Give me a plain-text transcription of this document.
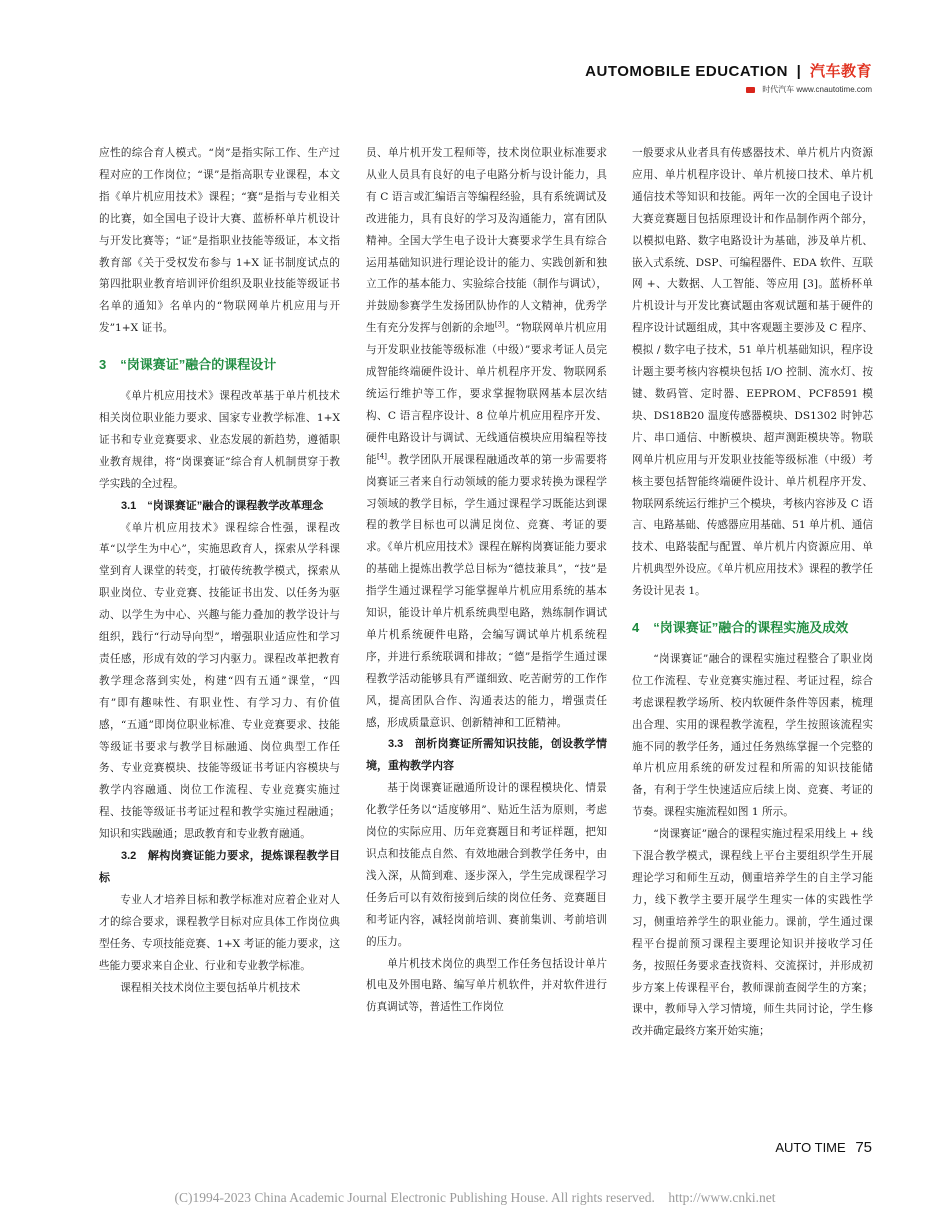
AUTOMOBILE EDUCATION | 汽车教育
时代汽车 www.cnautotime.com

应性的综合育人模式。“岗”是指实际工作、生产过程对应的工作岗位；“课”是指高职专业课程，本文指《单片机应用技术》课程；“赛”是指与专业相关的比赛，如全国电子设计大赛、蓝桥杯单片机设计与开发比赛等；“证”是指职业技能等级证，本文指教育部《关于受权发布参与 1+X 证书制度试点的第四批职业教育培训评价组织及职业技能等级证书名单的通知》名单内的“物联网单片机应用与开发”1+X 证书。

3 “岗课赛证”融合的课程设计

《单片机应用技术》课程改革基于单片机技术相关岗位职业能力要求、国家专业教学标准、1+X 证书和专业竞赛要求、业态发展的新趋势，遵循职业教育规律，将“岗课赛证”综合育人机制贯穿于教学实践的全过程。

3.1　“岗课赛证”融合的课程教学改革理念

《单片机应用技术》课程综合性强，课程改革“以学生为中心”，实施思政育人，探索从学科课堂到育人课堂的转变，打破传统教学模式，探索从职业岗位、专业竞赛、技能证书出发、以任务为驱动、以学生为中心、兴趣与能力叠加的教学设计与组织，践行“行动导向型”，增强职业适应性和学习责任感，形成有效的学习内驱力。课程改革把教育教学理念落到实处，构建“四有五通”课堂，“四有”即有趣味性、有职业性、有学习力、有价值感，“五通”即岗位职业标准、专业竞赛要求、技能等级证书要求与教学目标融通、岗位典型工作任务、专业竞赛模块、技能等级证书考证内容模块与教学内容融通、岗位工作流程、专业竞赛实施过程、技能等级证书考证过程和教学实施过程融通；知识和实践融通；思政教育和专业教育融通。

3.2　解构岗赛证能力要求，提炼课程教学目标

专业人才培养目标和教学标准对应着企业对人才的综合要求，课程教学目标对应具体工作岗位典型任务、专项技能竞赛、1+X 考证的能力要求，这些能力要求来自企业、行业和专业教学标准。

课程相关技术岗位主要包括单片机技术

员、单片机开发工程师等，技术岗位职业标准要求从业人员具有良好的电子电路分析与设计能力，具有 C 语言或汇编语言等编程经验，具有系统调试及改进能力，具有良好的学习及沟通能力，富有团队精神。全国大学生电子设计大赛要求学生具有综合运用基础知识进行理论设计的能力、实践创新和独立工作的基本能力、实验综合技能（制作与调试），并鼓励参赛学生发扬团队协作的人文精神，优秀学生有充分发挥与创新的余地[3]。“物联网单片机应用与开发职业技能等级标准（中级）”要求考证人员完成智能终端硬件设计、单片机程序开发、物联网系统运行维护等工作，要求掌握物联网基本层次结构、C 语言程序设计、8 位单片机应用程序开发、硬件电路设计与调试、无线通信模块应用编程等技能[4]。教学团队开展课程融通改革的第一步需要将岗赛证三者来自行动领域的能力要求转换为课程学习领域的教学目标，学生通过课程学习既能达到课程的教学目标也可以满足岗位、竞赛、考证的要求。《单片机应用技术》课程在解构岗赛证能力要求的基础上提炼出教学总目标为“德技兼具”，“技”是指学生通过课程学习能掌握单片机应用系统的基本知识，能设计单片机系统典型电路，熟练制作调试单片机系统硬件电路，会编写调试单片机系统程序，并进行系统联调和排故；“德”是指学生通过课程教学活动能够具有严谨细致、吃苦耐劳的工作作风，提高团队合作、沟通表达的能力，增强责任感，形成质量意识、创新精神和工匠精神。

3.3　剖析岗赛证所需知识技能，创设教学情境，重构教学内容

基于岗课赛证融通所设计的课程模块化、情景化教学任务以“适度够用”、贴近生活为原则，考虑岗位的实际应用、历年竞赛题目和考证样题，把知识点和技能点自然、有效地融合到教学任务中，由浅入深，从简到难、逐步深入，学生完成课程学习任务后可以有效衔接到后续的岗位任务、竞赛题目和考证内容，减轻岗前培训、赛前集训、考前培训的压力。

单片机技术岗位的典型工作任务包括设计单片机电及外围电路、编写单片机软件，并对软件进行仿真调试等，普适性工作岗位

一般要求从业者具有传感器技术、单片机片内资源应用、单片机程序设计、单片机接口技术、单片机通信技术等知识和技能。两年一次的全国电子设计大赛竞赛题目包括原理设计和作品制作两个部分，以模拟电路、数字电路设计为基础，涉及单片机、嵌入式系统、DSP、可编程器件、EDA 软件、互联网 +、大数据、人工智能、等应用 [3]。蓝桥杯单片机设计与开发比赛试题由客观试题和基于硬件的程序设计试题组成，其中客观题主要涉及 C 程序、 模拟 / 数字电子技术，51 单片机基础知识，程序设计题主要考核内容模块包括 I/O 控制、流水灯、按键、数码管、定时器、EEPROM、PCF8591 模块、DS18B20 温度传感器模块、DS1302 时钟芯片、串口通信、中断模块、超声测距模块等。物联网单片机应用与开发职业技能等级标准（中级）考核主要包括智能终端硬件设计、单片机程序开发、物联网系统运行维护三个模块，考核内容涉及 C 语言、电路基础、传感器应用基础、51 单片机、通信技术、电路装配与配置、单片机片内资源应用、单片机典型外设应。《单片机应用技术》课程的教学任务设计见表 1。

4 “岗课赛证”融合的课程实施及成效

“岗课赛证”融合的课程实施过程整合了职业岗位工作流程、专业竞赛实施过程、考证过程，综合考虑课程教学场所、校内软硬件条件等因素，梳理出合理、实用的课程教学流程，学生按照该流程实施不同的教学任务，通过任务熟练掌握一个完整的单片机应用系统的研发过程和所需的知识技能储备，有利于学生快速适应后续上岗、竞赛、考证的节奏。课程实施流程如图 1 所示。

“岗课赛证”融合的课程实施过程采用线上 + 线下混合教学模式，课程线上平台主要组织学生开展理论学习和师生互动，侧重培养学生的自主学习能力，线下教学主要开展学生理实一体的实践性学习，侧重培养学生的职业能力。课前，学生通过课程平台提前预习课程主要理论知识并接收学习任务，按照任务要求查找资料、交流探讨，并形成初步方案上传课程平台，教师课前查阅学生的方案；课中，教师导入学习情境，师生共同讨论，学生修改并确定最终方案开始实施；

AUTO TIME 75
(C)1994-2023 China Academic Journal Electronic Publishing House. All rights reserved.　http://www.cnki.net
